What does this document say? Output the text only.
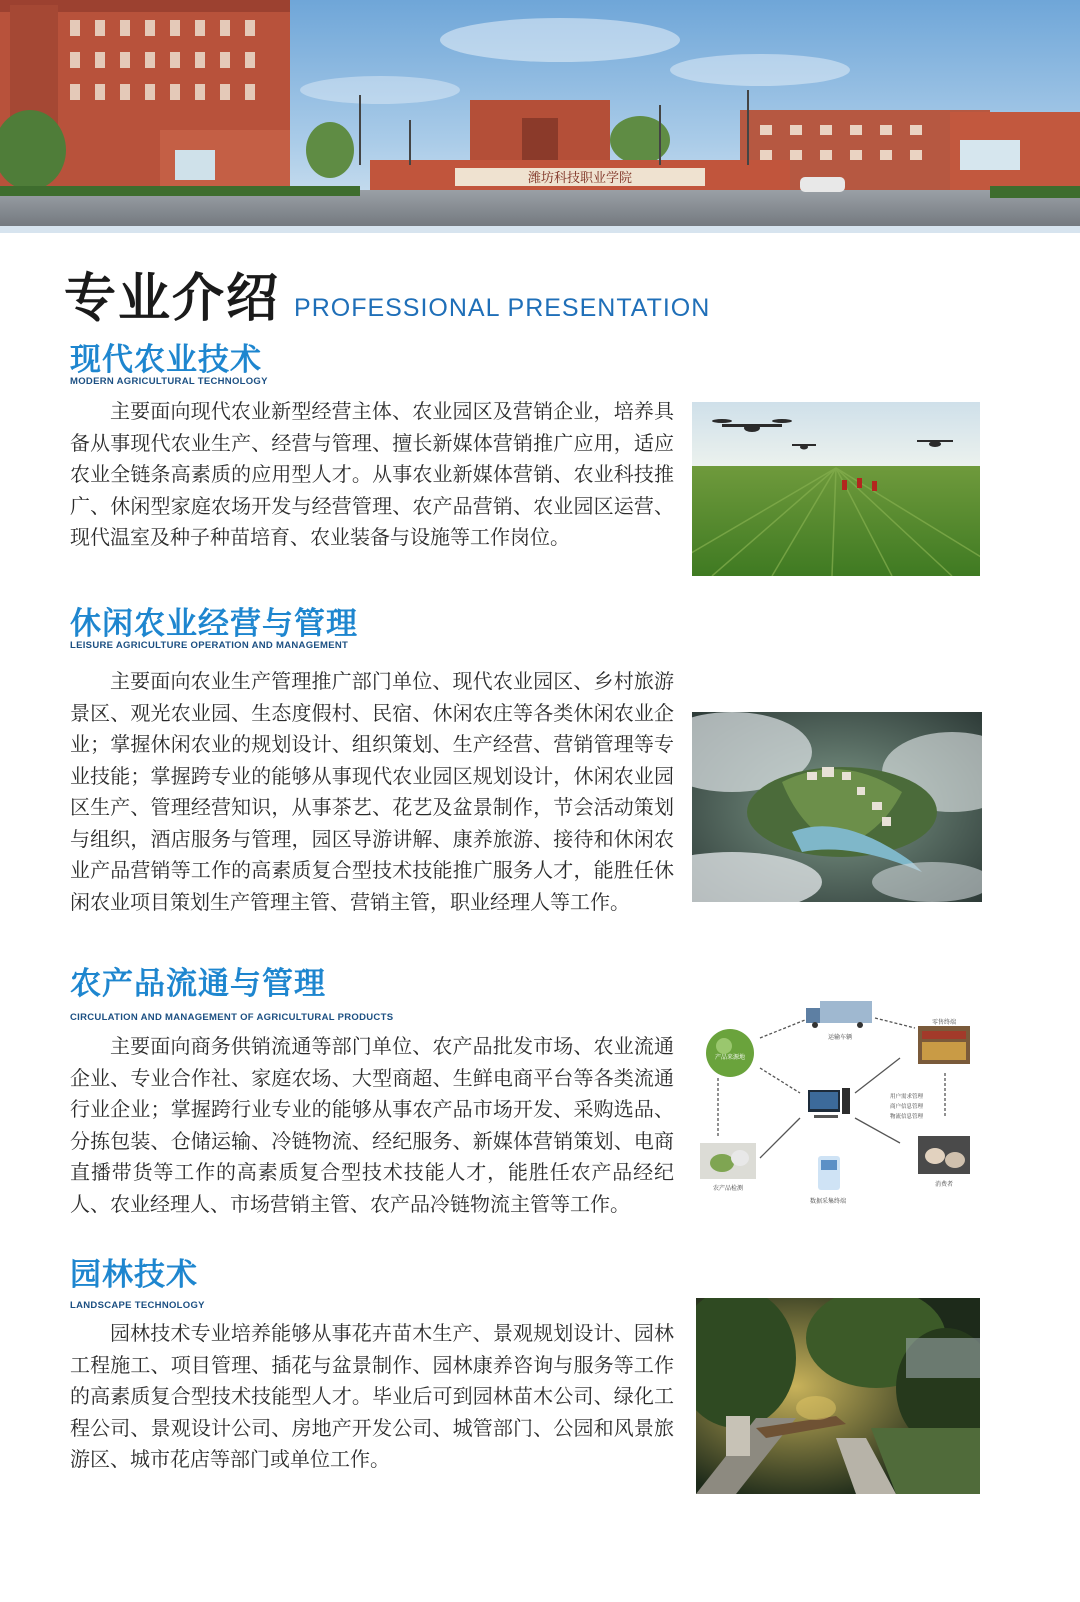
潍坊科技职业学院
专业介绍 PROFESSIONAL PRESENTATION
现代农业技术
MODERN AGRICULTURAL TECHNOLOGY

主要面向现代农业新型经营主体、农业园区及营销企业，培养具备从事现代农业生产、经营与管理、擅长新媒体营销推广应用，适应农业全链条高素质的应用型人才。从事农业新媒体营销、农业科技推广、休闲型家庭农场开发与经营管理、农产品营销、农业园区运营、现代温室及种子种苗培育、农业装备与设施等工作岗位。

休闲农业经营与管理
LEISURE AGRICULTURE OPERATION AND MANAGEMENT

主要面向农业生产管理推广部门单位、现代农业园区、乡村旅游景区、观光农业园、生态度假村、民宿、休闲农庄等各类休闲农业企业；掌握休闲农业的规划设计、组织策划、生产经营、营销管理等专业技能；掌握跨专业的能够从事现代农业园区规划设计，休闲农业园区生产、管理经营知识，从事茶艺、花艺及盆景制作，节会活动策划与组织，酒店服务与管理，园区导游讲解、康养旅游、接待和休闲农业产品营销等工作的高素质复合型技术技能推广服务人才，能胜任休闲农业项目策划生产管理主管、营销主管，职业经理人等工作。

农产品流通与管理
CIRCULATION AND MANAGEMENT OF AGRICULTURAL PRODUCTS

主要面向商务供销流通等部门单位、农产品批发市场、农业流通企业、专业合作社、家庭农场、大型商超、生鲜电商平台等各类流通行业企业；掌握跨行业专业的能够从事农产品市场开发、采购选品、分拣包装、仓储运输、冷链物流、经纪服务、新媒体营销策划、电商直播带货等工作的高素质复合型技术技能人才，能胜任农产品经纪人、农业经理人、市场营销主管、农产品冷链物流主管等工作。

运输车辆
产品来源地
零售终端
用户需求管理
商户信息管理
物流信息管理
消费者
农产品检测
数据采集终端
园林技术
LANDSCAPE TECHNOLOGY

园林技术专业培养能够从事花卉苗木生产、景观规划设计、园林工程施工、项目管理、插花与盆景制作、园林康养咨询与服务等工作的高素质复合型技术技能型人才。毕业后可到园林苗木公司、绿化工程公司、景观设计公司、房地产开发公司、城管部门、公园和风景旅游区、城市花店等部门或单位工作。
